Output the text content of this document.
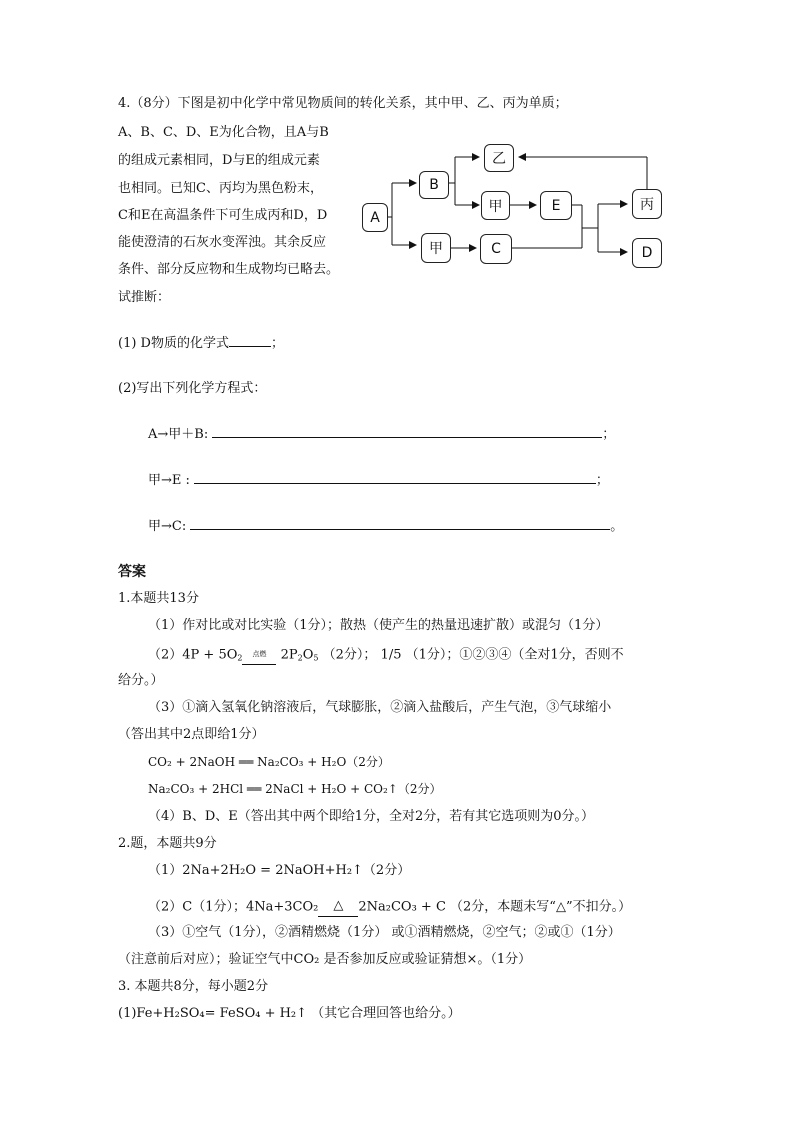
4.（8分）下图是初中化学中常见物质间的转化关系，其中甲、乙、丙为单质；
A、B、C、D、E为化合物，且A与B
的组成元素相同，D与E的组成元素
也相同。已知C、丙均为黑色粉末，
C和E在高温条件下可生成丙和D，D
能使澄清的石灰水变浑浊。其余反应
条件、部分反应物和生成物均已略去。
试推断：
A
B
乙
甲	E	丙
甲	C	D
(1) D物质的化学式	；
(2)写出下列化学方程式：
A→甲＋B:	；
甲→E :	；
甲→C:	。
答案
1.本题共13分
（1）作对比或对比实验（1分）；散热（使产生的热量迅速扩散）或混匀（1分）
$(2)4P + 5O_2$ 点燃 $2P_2O_5$ （2分）； 1/5 （1分）；①②③④（全对1分，否则不
给分。）
（3）①滴入氢氧化钠溶液后，气球膨胀，②滴入盐酸后，产生气泡，③气球缩小
（答出其中2点即给1分）
CO₂ + 2NaOH ══ Na₂CO₃ + H₂O（2分）
Na₂CO₃ + 2HCl ══ 2NaCl + H₂O + CO₂↑（2分）
（4）B、D、E（答出其中两个即给1分，全对2分，若有其它选项则为0分。）
2.题，本题共9分
（1）2Na+2H₂O = 2NaOH+H₂↑（2分）
（2）C（1分）；4Na+3CO₂ △ 2Na₂CO₃ + C （2分，本题未写“△”不扣分。）
（3）①空气（1分），②酒精燃烧（1分） 或①酒精燃烧，②空气；②或①（1分）
（注意前后对应）；验证空气中CO₂ 是否参加反应或验证猜想×。（1分）
3. 本题共8分，每小题2分
(1)Fe+H₂SO₄= FeSO₄ + H₂↑ （其它合理回答也给分。）
